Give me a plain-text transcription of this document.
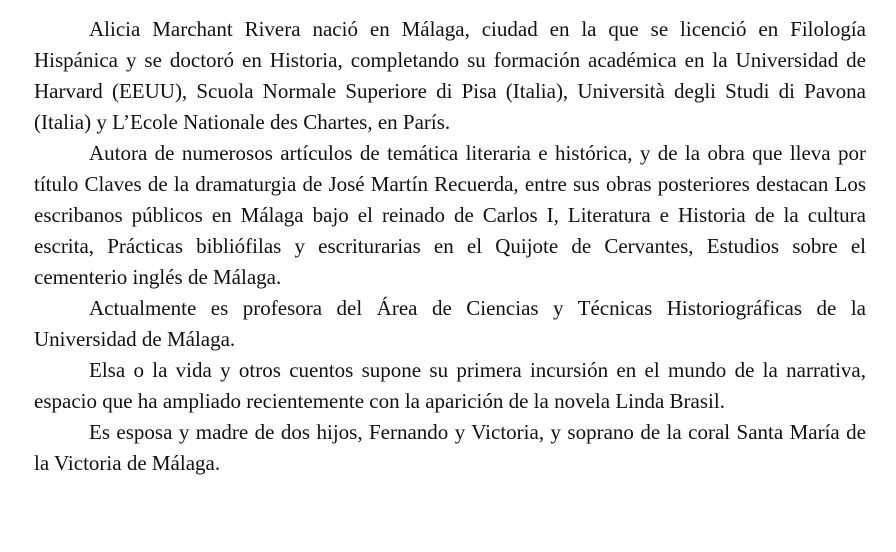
Alicia Marchant Rivera nació en Málaga, ciudad en la que se licenció en Filología Hispánica y se doctoró en Historia, completando su formación académica en la Universidad de Harvard (EEUU), Scuola Normale Superiore di Pisa (Italia), Università degli Studi di Pavona (Italia) y L’Ecole Nationale des Chartes, en París.

Autora de numerosos artículos de temática literaria e histórica, y de la obra que lleva por título Claves de la dramaturgia de José Martín Recuerda, entre sus obras posteriores destacan Los escribanos públicos en Málaga bajo el reinado de Carlos I, Literatura e Historia de la cultura escrita, Prácticas bibliófilas y escriturarias en el Quijote de Cervantes, Estudios sobre el cementerio inglés de Málaga.

Actualmente es profesora del Área de Ciencias y Técnicas Historiográficas de la Universidad de Málaga.

Elsa o la vida y otros cuentos supone su primera incursión en el mundo de la narrativa, espacio que ha ampliado recientemente con la aparición de la novela Linda Brasil.

Es esposa y madre de dos hijos, Fernando y Victoria, y soprano de la coral Santa María de la Victoria de Málaga.
